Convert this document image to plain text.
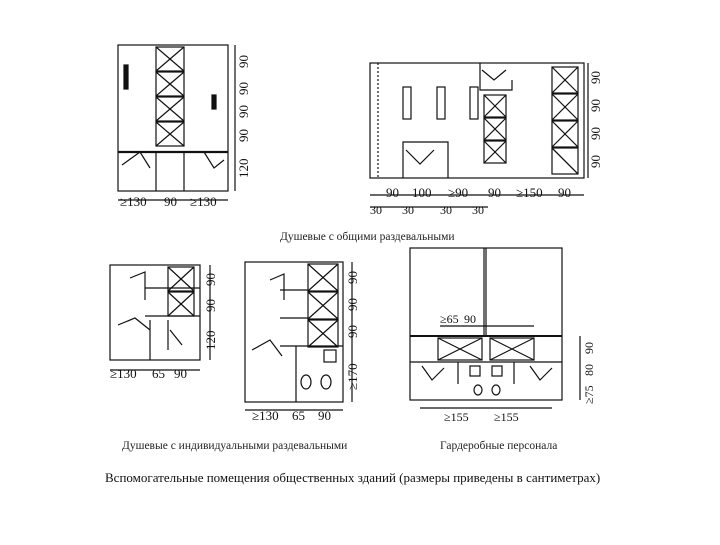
90
90
90
90
120
≥130 90 ≥130
90 100 ≥90 90 ≥150 90
30 30 30 30
90
90
90
90
90
90
120
≥130 65 90
90
90
90
≥170
≥130 65 90
≥65 90
90
80
≥75
≥155 ≥155
Душевые с общими раздевальными
Душевые с индивидуальными раздевальными	Гардеробные персонала
Вспомогательные помещения общественных зданий (размеры приведены в сантиметрах)
